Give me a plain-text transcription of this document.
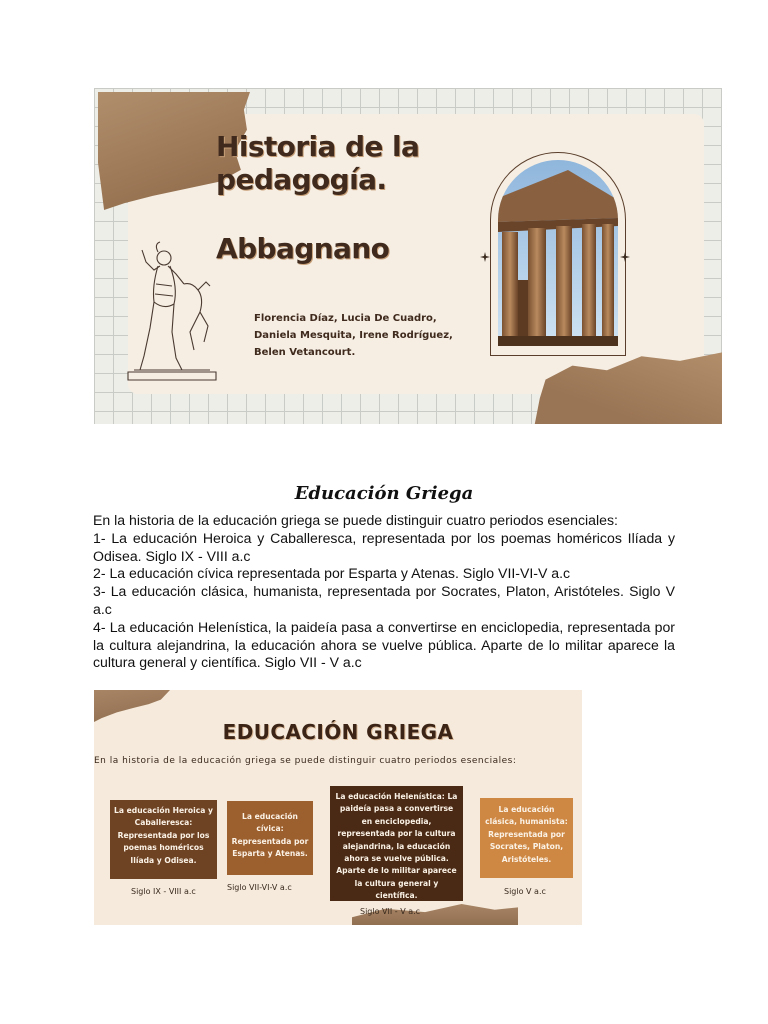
Historia de la
pedagogía.
Abbagnano

Florencia Díaz, Lucia De Cuadro, Daniela Mesquita, Irene Rodríguez, Belen Vetancourt.

Educación Griega

En la historia de la educación griega se puede distinguir cuatro periodos esenciales:

1- La educación Heroica y Caballeresca, representada por los poemas homéricos Ilíada y Odisea. Siglo IX - VIII a.c

2- La educación cívica representada por Esparta y Atenas. Siglo VII-VI-V a.c

3- La educación clásica, humanista, representada por Socrates, Platon, Aristóteles. Siglo V a.c

4- La educación Helenística, la paideía pasa a convertirse en enciclopedia, representada por la cultura alejandrina, la educación ahora se vuelve pública. Aparte de lo militar aparece la cultura general y científica. Siglo VII - V a.c

EDUCACIÓN GRIEGA

En la historia de la educación griega se puede distinguir cuatro periodos esenciales:

La educación Heroica y Caballeresca: Representada por los poemas homéricos Ilíada y Odisea.
La educación cívica: Representada por Esparta y Atenas.
La educación Helenística: La paideía pasa a convertirse en enciclopedia, representada por la cultura alejandrina, la educación ahora se vuelve pública. Aparte de lo militar aparece la cultura general y científica.
La educación clásica, humanista: Representada por Socrates, Platon, Aristóteles.

Siglo IX - VIII a.c	Siglo VII-VI-V a.c

Siglo VII - V a.c

Siglo V a.c
